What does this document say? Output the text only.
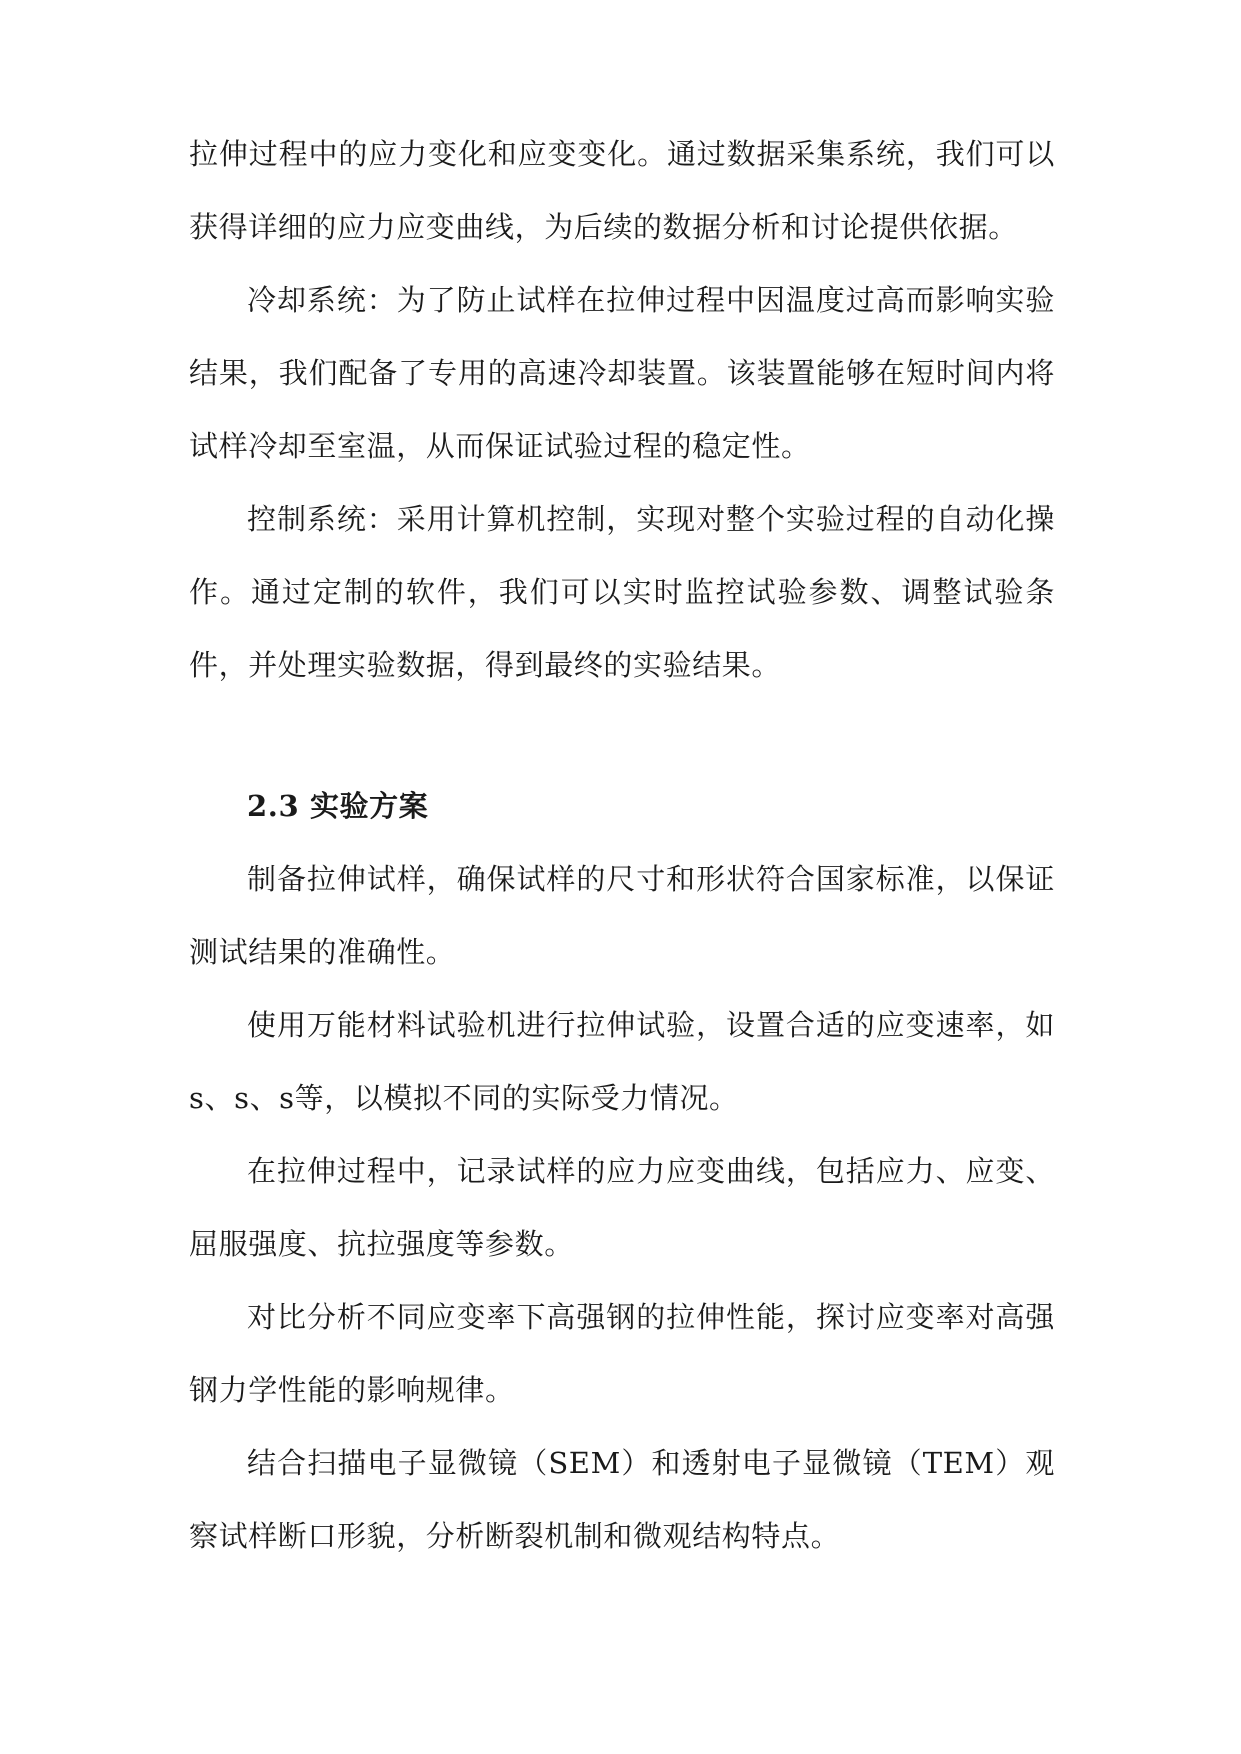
拉伸过程中的应力变化和应变变化。通过数据采集系统，我们可以获得详细的应力应变曲线，为后续的数据分析和讨论提供依据。

冷却系统：为了防止试样在拉伸过程中因温度过高而影响实验结果，我们配备了专用的高速冷却装置。该装置能够在短时间内将试样冷却至室温，从而保证试验过程的稳定性。

控制系统：采用计算机控制，实现对整个实验过程的自动化操作。通过定制的软件，我们可以实时监控试验参数、调整试验条件，并处理实验数据，得到最终的实验结果。

2.3 实验方案

制备拉伸试样，确保试样的尺寸和形状符合国家标准，以保证测试结果的准确性。

使用万能材料试验机进行拉伸试验，设置合适的应变速率，如s、s、s等，以模拟不同的实际受力情况。

在拉伸过程中，记录试样的应力应变曲线，包括应力、应变、屈服强度、抗拉强度等参数。

对比分析不同应变率下高强钢的拉伸性能，探讨应变率对高强钢力学性能的影响规律。

结合扫描电子显微镜（SEM）和透射电子显微镜（TEM）观察试样断口形貌，分析断裂机制和微观结构特点。
